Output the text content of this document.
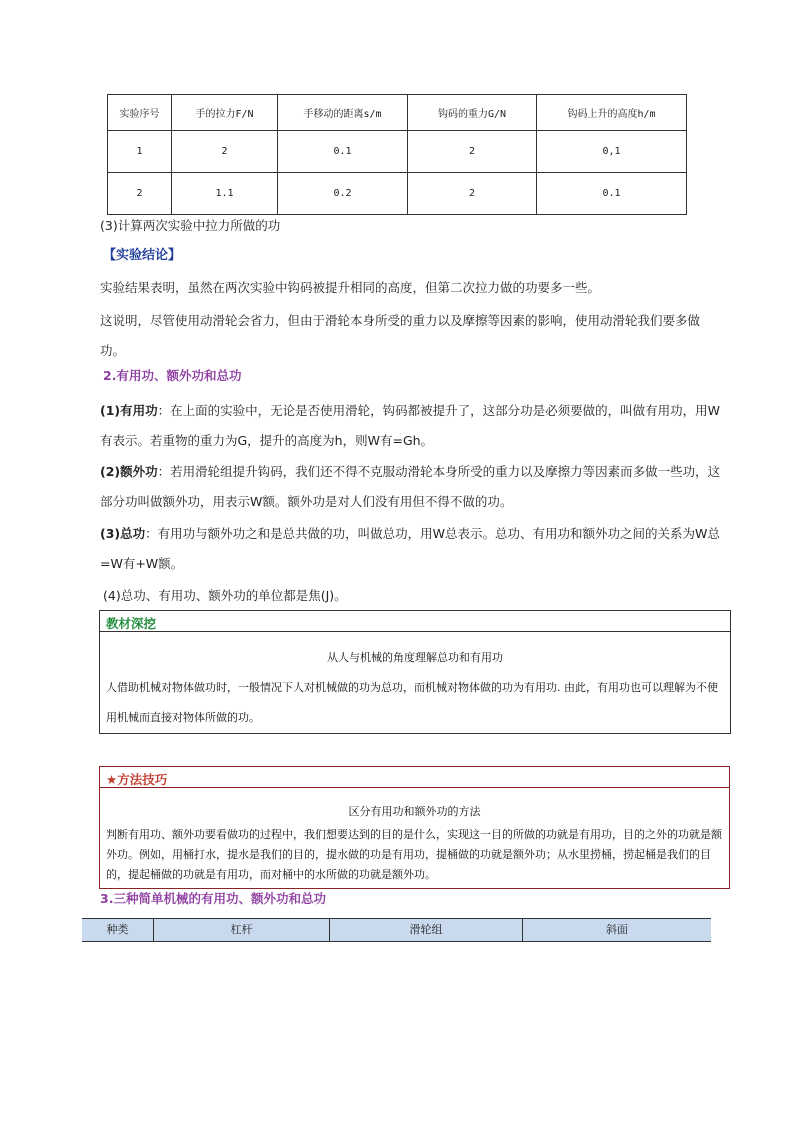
实验序号	手的拉力F/N	手移动的距离s/m	钩码的重力G/N	钩码上升的高度h/m
1	2	0.1	2	0,1
2	1.1	0.2	2	0.1
(3)计算两次实验中拉力所做的功
【实验结论】
实验结果表明，虽然在两次实验中钩码被提升相同的高度，但第二次拉力做的功要多一些。
这说明，尽管使用动滑轮会省力，但由于滑轮本身所受的重力以及摩擦等因素的影响，使用动滑轮我们要多做功。
2.有用功、额外功和总功
(1)有用功：在上面的实验中，无论是否使用滑轮，钩码都被提升了，这部分功是必须要做的，叫做有用功，用W有表示。若重物的重力为G，提升的高度为h，则W有=Gh。
(2)额外功：若用滑轮组提升钩码，我们还不得不克服动滑轮本身所受的重力以及摩擦力等因素而多做一些功，这部分功叫做额外功，用表示W额。额外功是对人们没有用但不得不做的功。
(3)总功：有用功与额外功之和是总共做的功，叫做总功，用W总表示。总功、有用功和额外功之间的关系为W总=W有+W额。
(4)总功、有用功、额外功的单位都是焦(J)。
教材深挖
从人与机械的角度理解总功和有用功
人借助机械对物体做功时，一般情况下人对机械做的功为总功，而机械对物体做的功为有用功. 由此，有用功也可以理解为不使用机械而直接对物体所做的功。
★方法技巧
区分有用功和额外功的方法
判断有用功、额外功要看做功的过程中，我们想要达到的目的是什么，实现这一目的所做的功就是有用功，目的之外的功就是额外功。例如，用桶打水，提水是我们的目的，提水做的功是有用功，提桶做的功就是额外功；从水里捞桶，捞起桶是我们的目的，提起桶做的功就是有用功，而对桶中的水所做的功就是额外功。
3.三种简单机械的有用功、额外功和总功
种类	杠杆	滑轮组	斜面
